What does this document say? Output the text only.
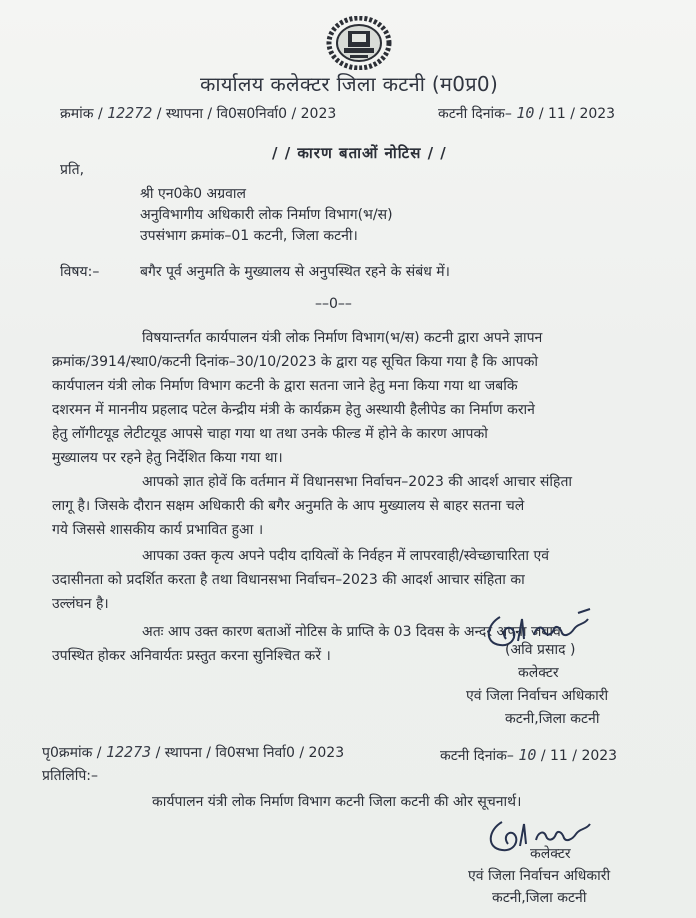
कार्यालय कलेक्टर जिला कटनी (म0प्र0)
क्रमांक / 12272 / स्थापना / वि0स0निर्वा0 / 2023	कटनी दिनांक– 10 / 11 / 2023
/ / कारण बताओं नोटिस / /
प्रति,
श्री एन0के0 अग्रवाल
अनुविभागीय अधिकारी लोक निर्माण विभाग(भ/स)
उपसंभाग क्रमांक–01 कटनी, जिला कटनी।
विषय:–	बगैर पूर्व अनुमति के मुख्यालय से अनुपस्थित रहने के संबंध में।
––0––
विषयान्तर्गत कार्यपालन यंत्री लोक निर्माण विभाग(भ/स) कटनी द्वारा अपने ज्ञापन
क्रमांक/3914/स्था0/कटनी दिनांक–30/10/2023 के द्वारा यह सूचित किया गया है कि आपको
कार्यपालन यंत्री लोक निर्माण विभाग कटनी के द्वारा सतना जाने हेतु मना किया गया था जबकि
दशरमन में माननीय प्रहलाद पटेल केन्द्रीय मंत्री के कार्यक्रम हेतु अस्थायी हैलीपेड का निर्माण कराने
हेतु लॉगीटयूड लेटीटयूड आपसे चाहा गया था तथा उनके फील्ड में होने के कारण आपको
मुख्यालय पर रहने हेतु निर्देशित किया गया था।
आपको ज्ञात होवें कि वर्तमान में विधानसभा निर्वाचन–2023 की आदर्श आचार संहिता
लागू है। जिसके दौरान सक्षम अधिकारी की बगैर अनुमति के आप मुख्यालय से बाहर सतना चले
गये जिससे शासकीय कार्य प्रभावित हुआ ।
आपका उक्त कृत्य अपने पदीय दायित्वों के निर्वहन में लापरवाही/स्वेच्छाचारिता एवं
उदासीनता को प्रदर्शित करता है तथा विधानसभा निर्वाचन–2023 की आदर्श आचार संहिता का
उल्लंघन है।
अतः आप उक्त कारण बताओं नोटिस के प्राप्ति के 03 दिवस के अन्दर अपना जबाव
उपस्थित होकर अनिवार्यतः प्रस्तुत करना सुनिश्चित करें ।	(अवि प्रसाद )
कलेक्टर
एवं जिला निर्वाचन अधिकारी
कटनी,जिला कटनी
पृ0क्रमांक / 12273 / स्थापना / वि0सभा निर्वा0 / 2023	कटनी दिनांक– 10 / 11 / 2023
प्रतिलिपि:–
कार्यपालन यंत्री लोक निर्माण विभाग कटनी जिला कटनी की ओर सूचनार्थ।
कलेक्टर
एवं जिला निर्वाचन अधिकारी
कटनी,जिला कटनी
